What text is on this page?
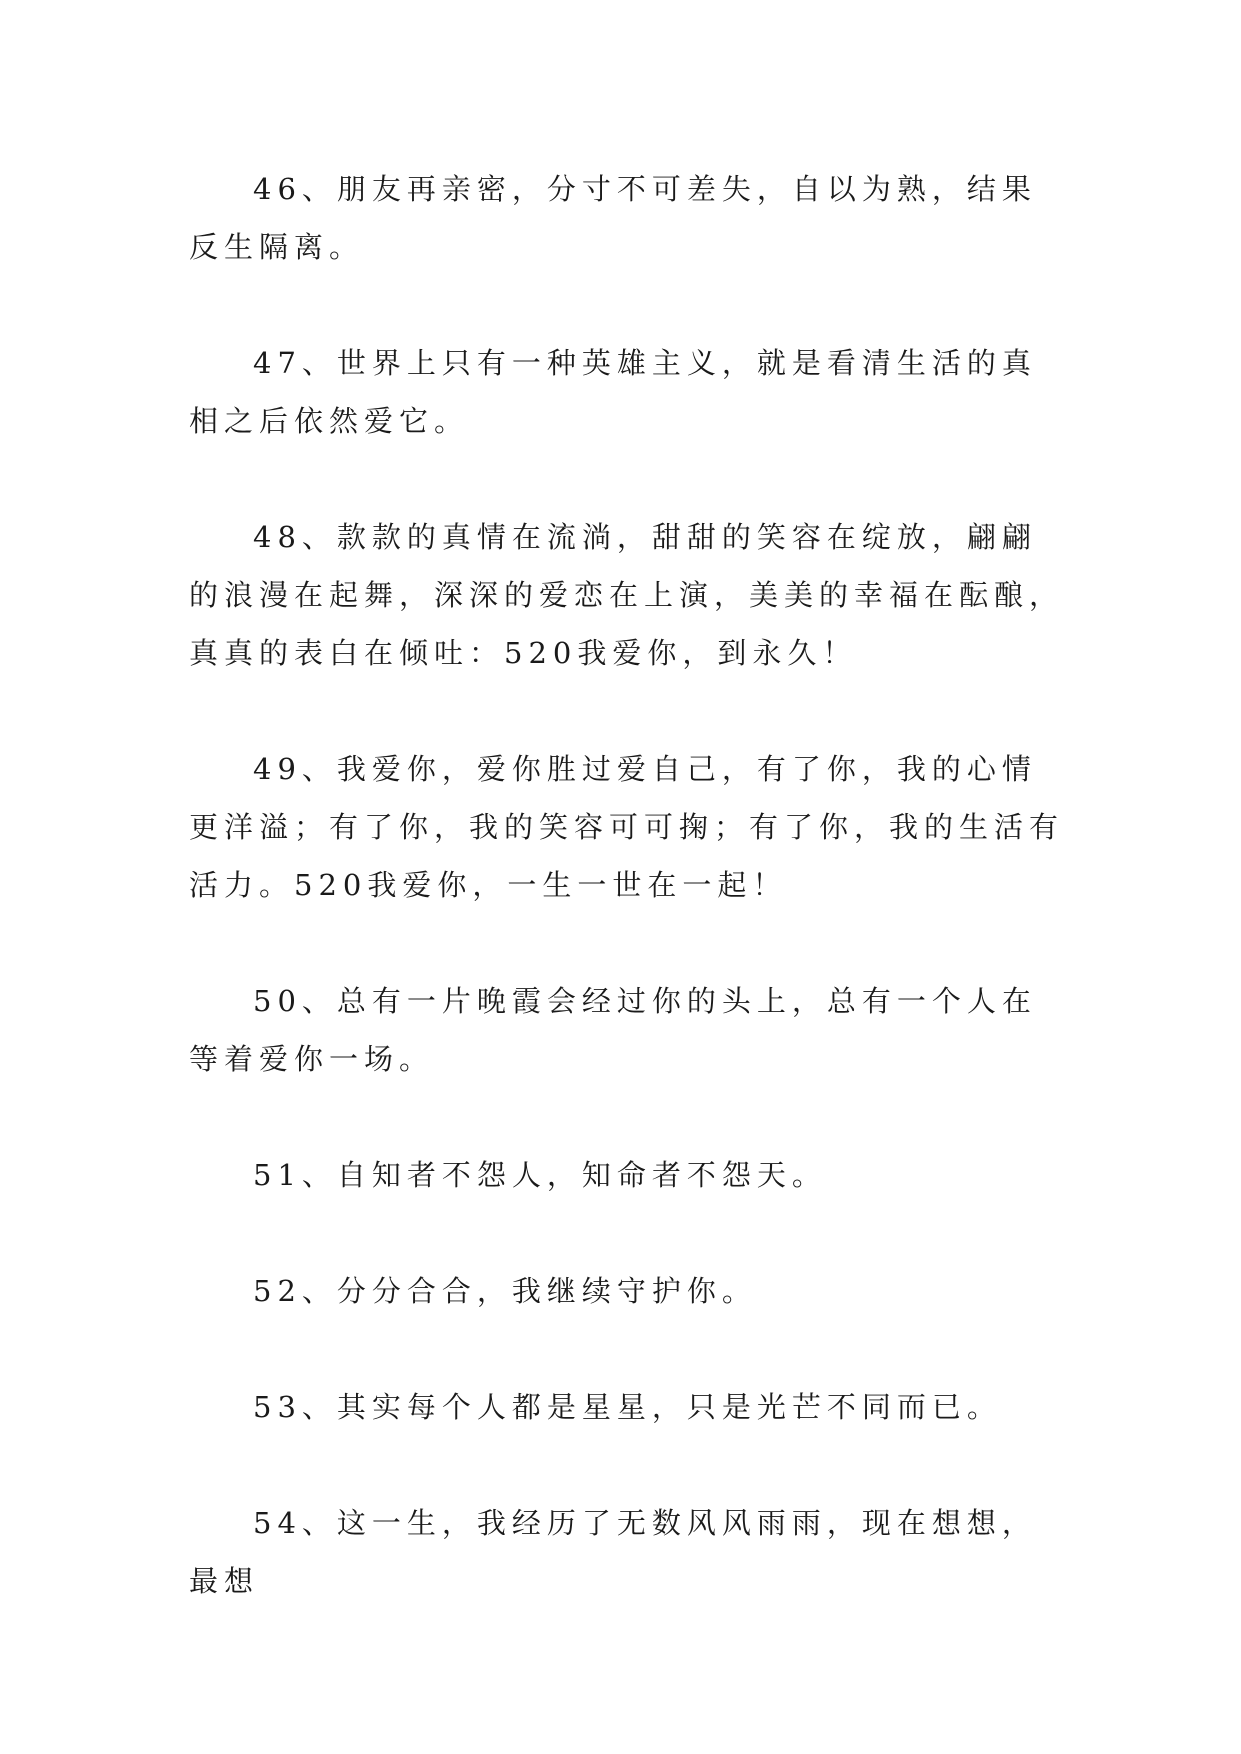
46、朋友再亲密，分寸不可差失，自以为熟，结果反生隔离。

47、世界上只有一种英雄主义，就是看清生活的真相之后依然爱它。

48、款款的真情在流淌，甜甜的笑容在绽放，翩翩的浪漫在起舞，深深的爱恋在上演，美美的幸福在酝酿，真真的表白在倾吐：520我爱你，到永久！

49、我爱你，爱你胜过爱自己，有了你，我的心情更洋溢；有了你，我的笑容可可掬；有了你，我的生活有活力。520我爱你，一生一世在一起！

50、总有一片晚霞会经过你的头上，总有一个人在等着爱你一场。

51、自知者不怨人，知命者不怨天。

52、分分合合，我继续守护你。

53、其实每个人都是星星，只是光芒不同而已。

54、这一生，我经历了无数风风雨雨，现在想想，最想
